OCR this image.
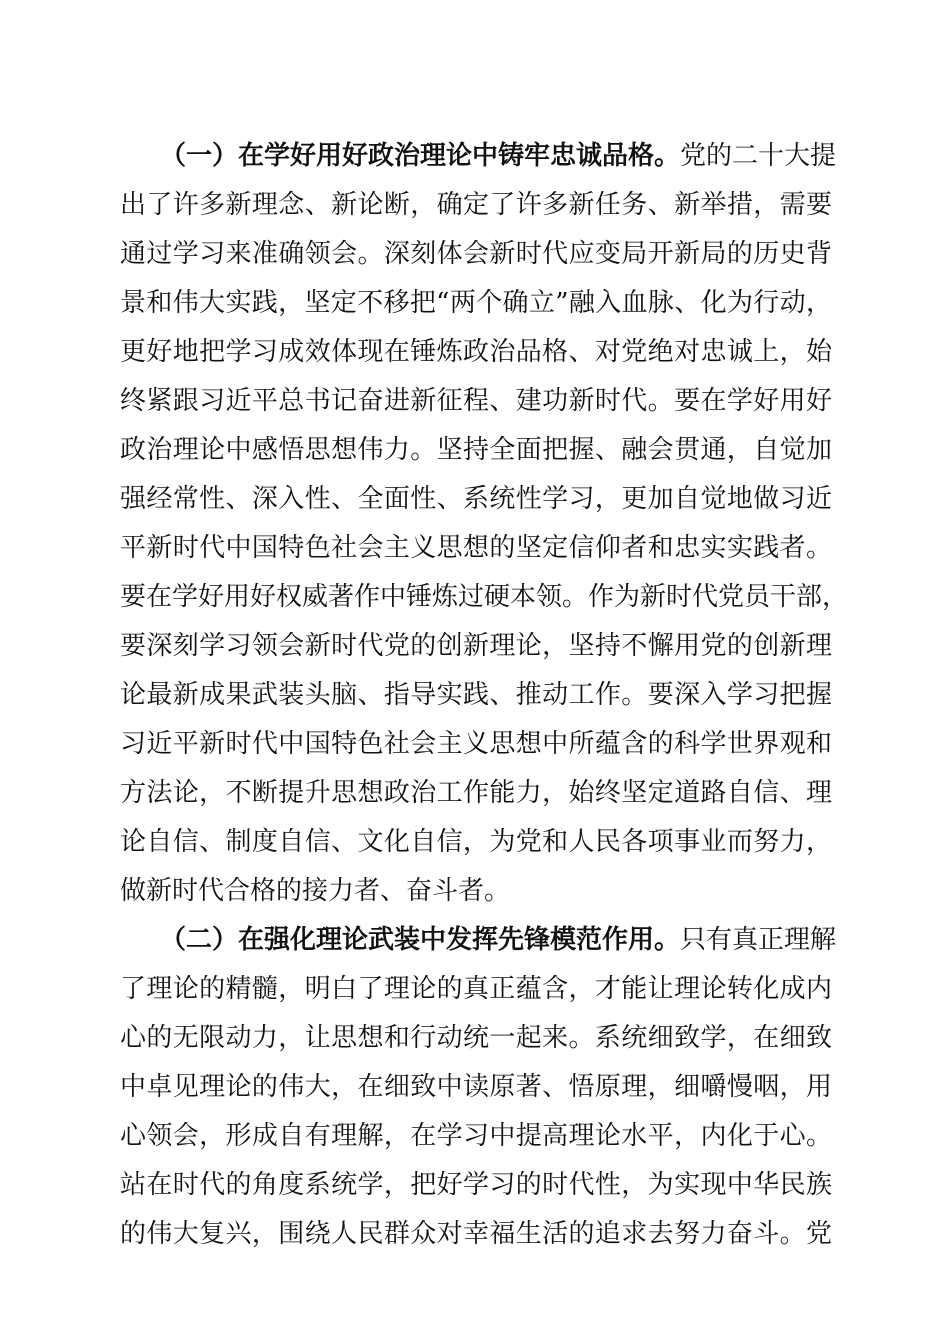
（一）在学好用好政治理论中铸牢忠诚品格。党的二十大提
出了许多新理念、新论断，确定了许多新任务、新举措，需要
通过学习来准确领会。深刻体会新时代应变局开新局的历史背
景和伟大实践，坚定不移把“两个确立”融入血脉、化为行动，
更好地把学习成效体现在锤炼政治品格、对党绝对忠诚上，始
终紧跟习近平总书记奋进新征程、建功新时代。要在学好用好
政治理论中感悟思想伟力。坚持全面把握、融会贯通，自觉加
强经常性、深入性、全面性、系统性学习，更加自觉地做习近
平新时代中国特色社会主义思想的坚定信仰者和忠实实践者。
要在学好用好权威著作中锤炼过硬本领。作为新时代党员干部，
要深刻学习领会新时代党的创新理论，坚持不懈用党的创新理
论最新成果武装头脑、指导实践、推动工作。要深入学习把握
习近平新时代中国特色社会主义思想中所蕴含的科学世界观和
方法论，不断提升思想政治工作能力，始终坚定道路自信、理
论自信、制度自信、文化自信，为党和人民各项事业而努力，
做新时代合格的接力者、奋斗者。
（二）在强化理论武装中发挥先锋模范作用。只有真正理解
了理论的精髓，明白了理论的真正蕴含，才能让理论转化成内
心的无限动力，让思想和行动统一起来。系统细致学，在细致
中卓见理论的伟大，在细致中读原著、悟原理，细嚼慢咽，用
心领会，形成自有理解，在学习中提高理论水平，内化于心。
站在时代的角度系统学，把好学习的时代性，为实现中华民族
的伟大复兴，围绕人民群众对幸福生活的追求去努力奋斗。党
